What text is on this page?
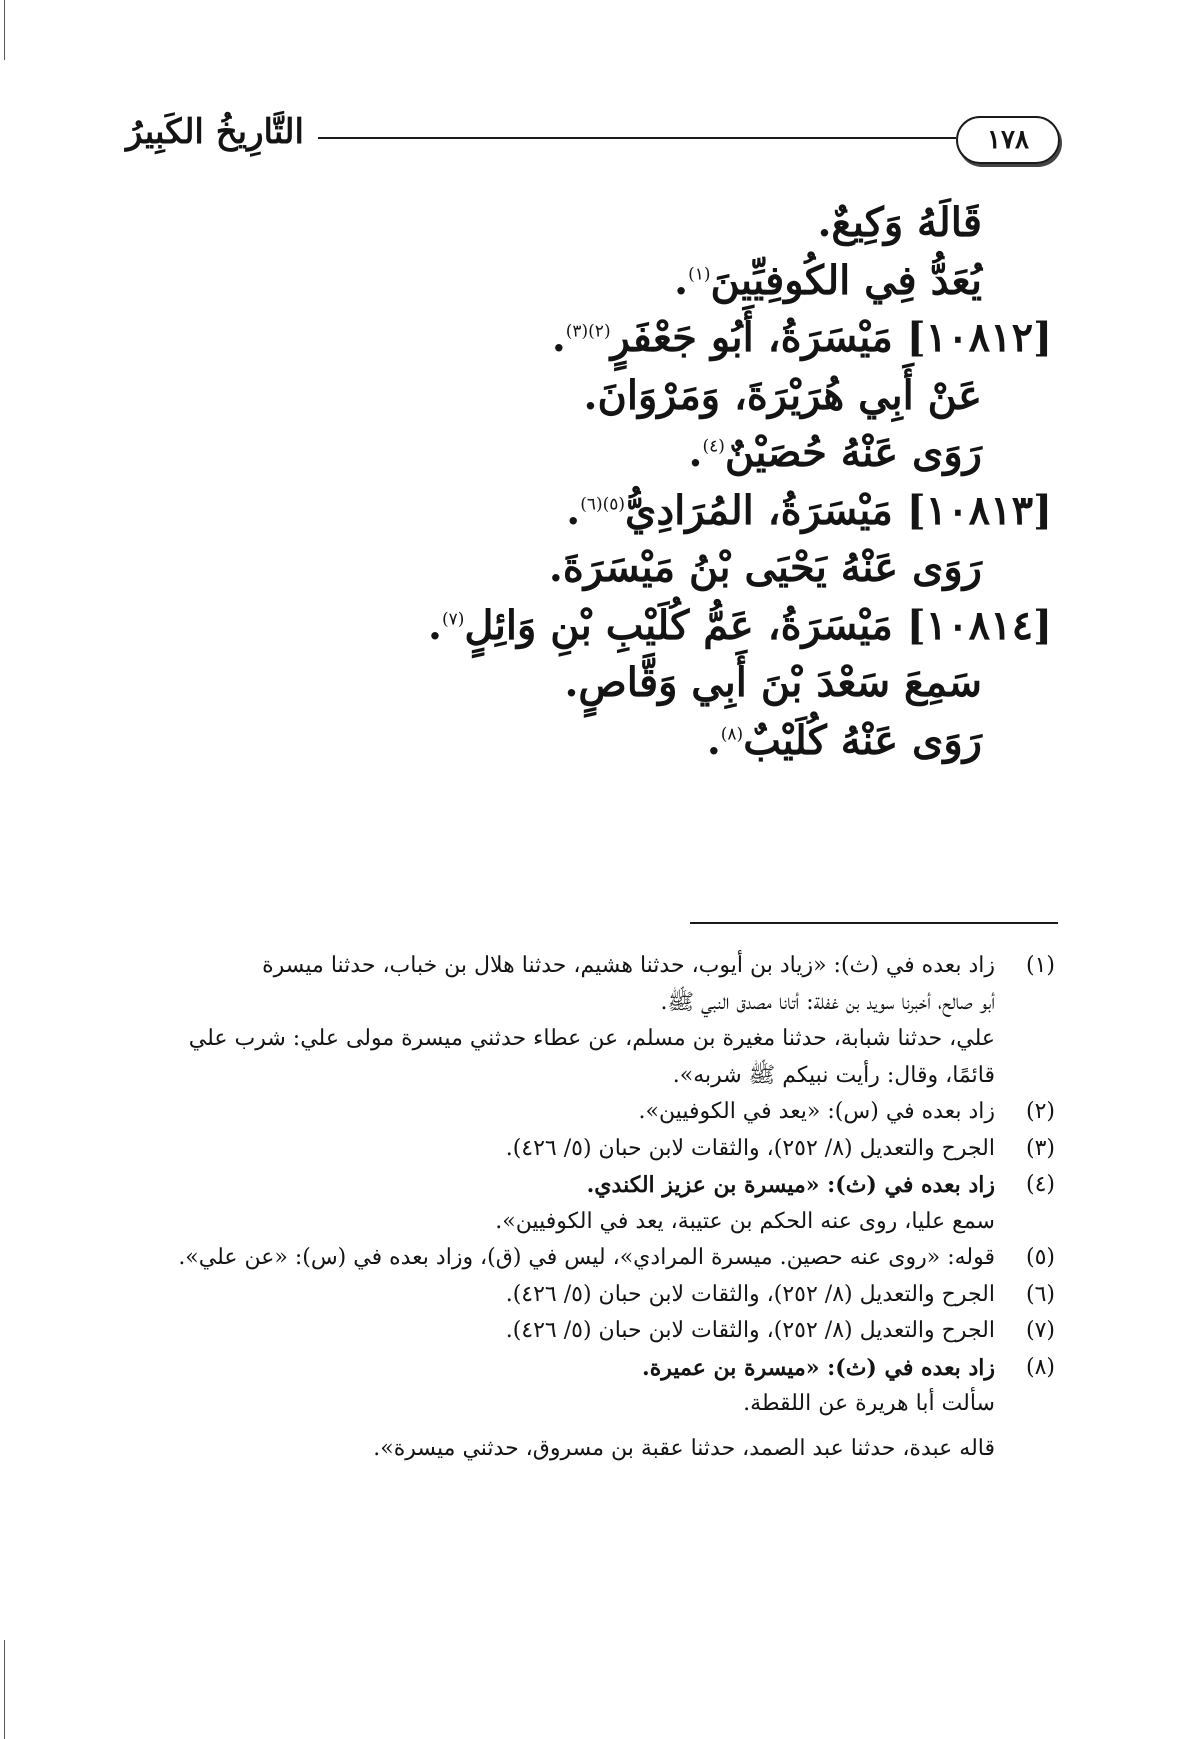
التَّارِيخُ الكَبِيرُ	١٧٨
قَالَهُ وَكِيعٌ.
يُعَدُّ فِي الكُوفِيِّينَ$^{(١)}$.
[١٠٨١٢] مَيْسَرَةُ، أَبُو جَعْفَرٍ$^{(٢)(٣)}$.
عَنْ أَبِي هُرَيْرَةَ، وَمَرْوَانَ.
رَوَى عَنْهُ حُصَيْنٌ$^{(٤)}$.
[١٠٨١٣] مَيْسَرَةُ، المُرَادِيُّ$^{(٥)(٦)}$.
رَوَى عَنْهُ يَحْيَى بْنُ مَيْسَرَةَ.
[١٠٨١٤] مَيْسَرَةُ، عَمُّ كُلَيْبِ بْنِ وَائِلٍ$^{(٧)}$.
سَمِعَ سَعْدَ بْنَ أَبِي وَقَّاصٍ.
رَوَى عَنْهُ كُلَيْبٌ$^{(٨)}$.
(١)
زاد بعده في (ث): «زياد بن أيوب، حدثنا هشيم، حدثنا هلال بن خباب، حدثنا ميسرة
أبو صالح، أخبرنا سويد بن غفلة: أتانا مصدق النبي ﷺ.
علي، حدثنا شبابة، حدثنا مغيرة بن مسلم، عن عطاء حدثني ميسرة مولى علي: شرب علي
قائمًا، وقال: رأيت نبيكم ﷺ شربه».
(٢)
زاد بعده في (س): «يعد في الكوفيين».
(٣)
الجرح والتعديل (٨/ ٢٥٢)، والثقات لابن حبان (٥/ ٤٢٦).
(٤)
زاد بعده في (ث): «ميسرة بن عزيز الكندي.
سمع عليا، روى عنه الحكم بن عتيبة، يعد في الكوفيين».
(٥)
قوله: «روى عنه حصين. ميسرة المرادي»، ليس في (ق)، وزاد بعده في (س): «عن علي».
(٦)
الجرح والتعديل (٨/ ٢٥٢)، والثقات لابن حبان (٥/ ٤٢٦).
(٧)
الجرح والتعديل (٨/ ٢٥٢)، والثقات لابن حبان (٥/ ٤٢٦).
(٨)
زاد بعده في (ث): «ميسرة بن عميرة.
سألت أبا هريرة عن اللقطة.
قاله عبدة، حدثنا عبد الصمد، حدثنا عقبة بن مسروق، حدثني ميسرة».
